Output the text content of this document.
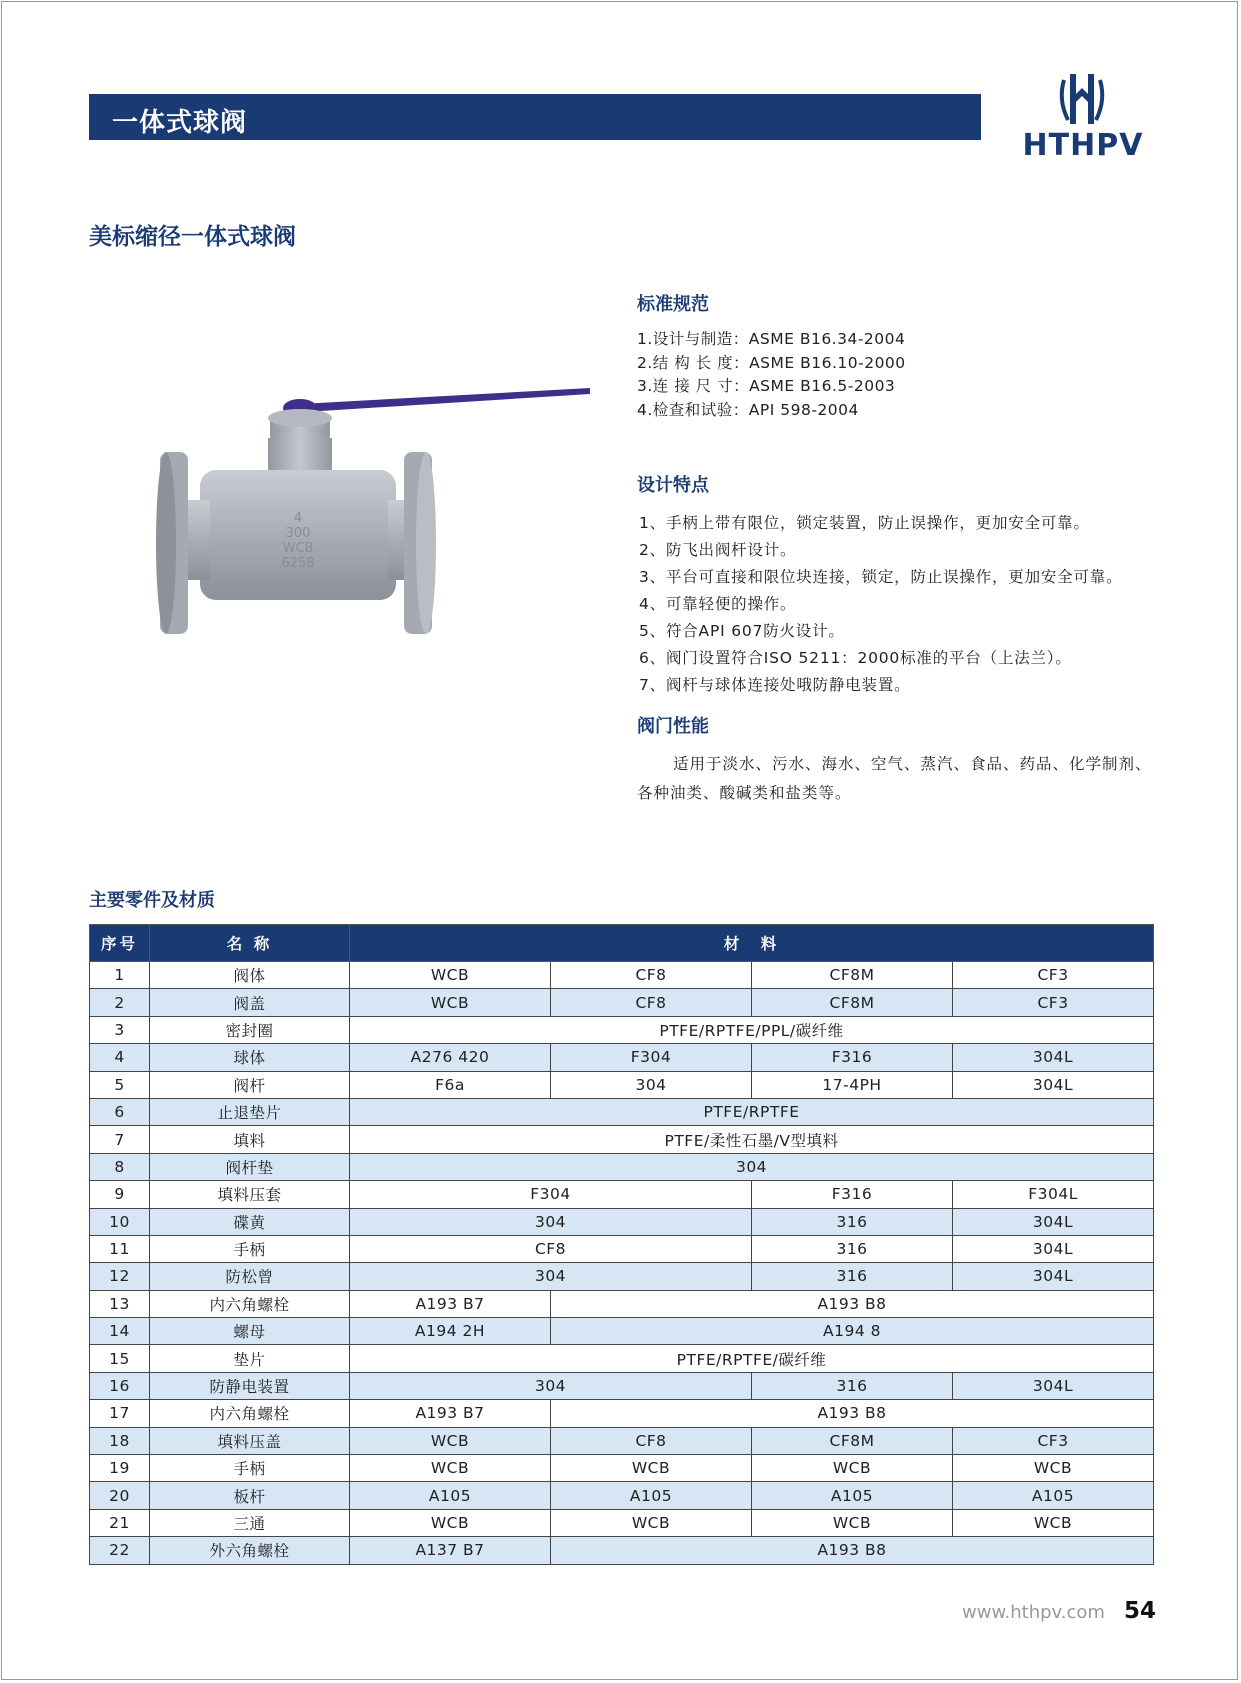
一体式球阀
HTHPV
美标缩径一体式球阀
4
300
WCB
6258
标准规范
1.设计与制造：ASME B16.34-2004
2.结 构 长 度：ASME B16.10-2000
3.连 接 尺 寸：ASME B16.5-2003
4.检查和试验：API 598-2004
设计特点
1、手柄上带有限位，锁定装置，防止误操作，更加安全可靠。
2、防飞出阀杆设计。
3、平台可直接和限位块连接，锁定，防止误操作，更加安全可靠。
4、可靠轻便的操作。
5、符合API 607防火设计。
6、阀门设置符合ISO 5211：2000标准的平台（上法兰）。
7、阀杆与球体连接处哦防静电装置。
阀门性能
适用于淡水、污水、海水、空气、蒸汽、食品、药品、化学制剂、各种油类、酸碱类和盐类等。
主要零件及材质
序号	名 称	材　料			
1	阀体	WCB	CF8	CF8M	CF3
2	阀盖	WCB	CF8	CF8M	CF3
3	密封圈	PTFE/RPTFE/PPL/碳纤维			
4	球体	A276 420	F304	F316	304L
5	阀杆	F6a	304	17-4PH	304L
6	止退垫片	PTFE/RPTFE			
7	填料	PTFE/柔性石墨/V型填料			
8	阀杆垫	304			
9	填料压套	F304		F316	F304L
10	碟黄	304		316	304L
11	手柄	CF8		316	304L
12	防松曾	304		316	304L
13	内六角螺栓	A193 B7	A193 B8		
14	螺母	A194 2H	A194 8		
15	垫片	PTFE/RPTFE/碳纤维			
16	防静电装置	304		316	304L
17	内六角螺栓	A193 B7	A193 B8		
18	填料压盖	WCB	CF8	CF8M	CF3
19	手柄	WCB	WCB	WCB	WCB
20	板杆	A105	A105	A105	A105
21	三通	WCB	WCB	WCB	WCB
22	外六角螺栓	A137 B7	A193 B8		
www.hthpv.com 54
